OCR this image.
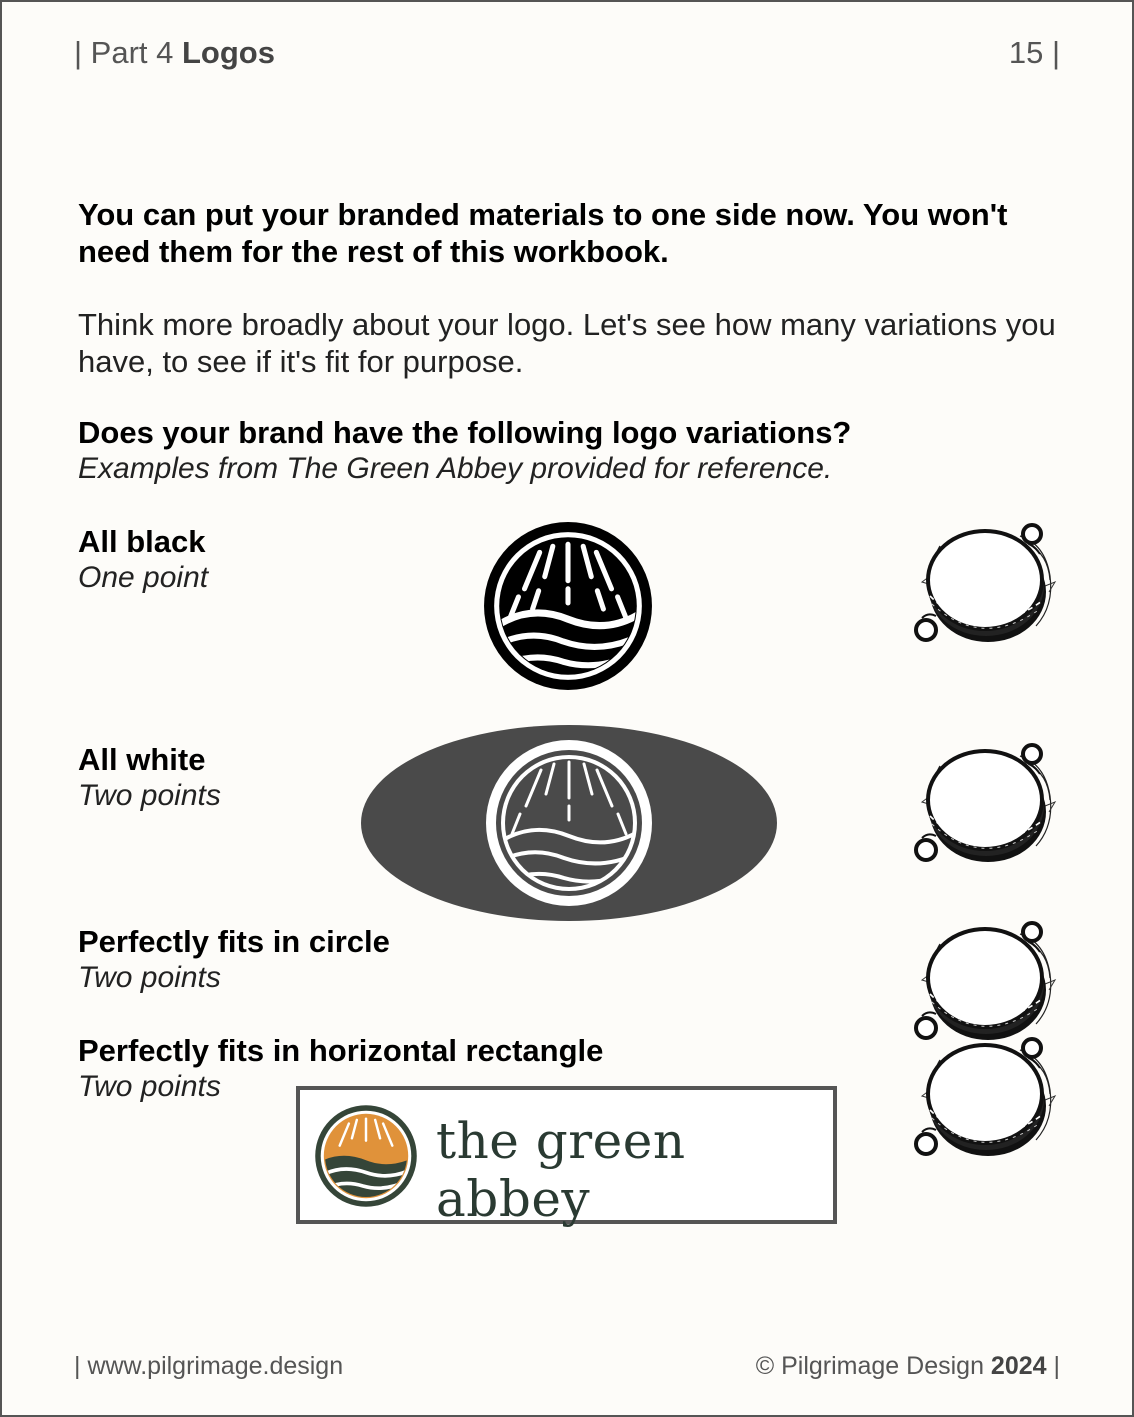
| Part 4 Logos	15 |
You can put your branded materials to one side now. You won't need them for the rest of this workbook.
Think more broadly about your logo. Let's see how many variations you have, to see if it's fit for purpose.
Does your brand have the following logo variations?
Examples from The Green Abbey provided for reference.
All black
One point
All white
Two points
Perfectly fits in circle
Two points
Perfectly fits in horizontal rectangle
Two points
the green abbey
| www.pilgrimage.design	© Pilgrimage Design 2024 |
